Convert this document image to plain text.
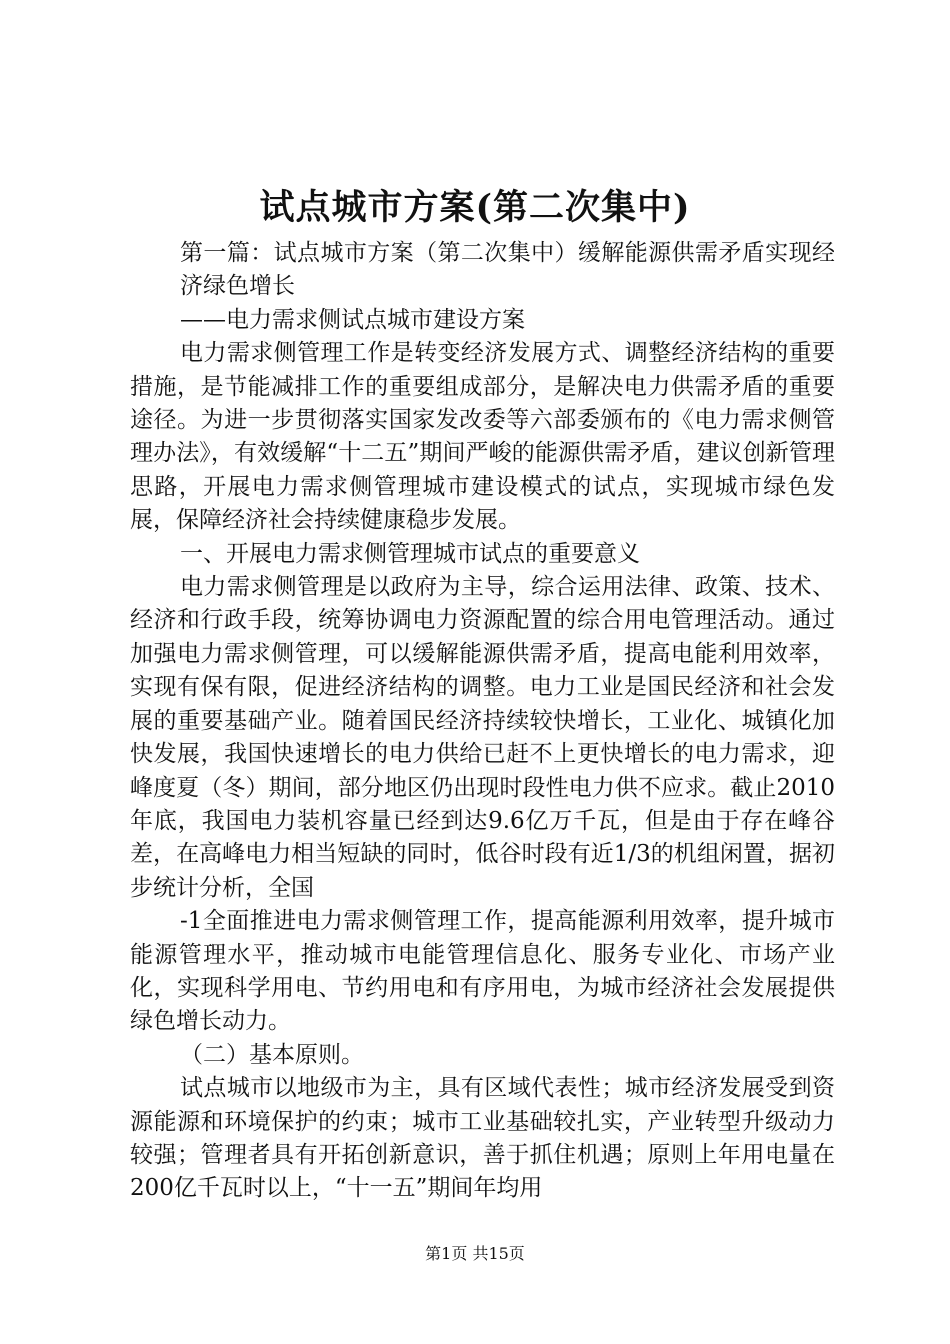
试点城市方案(第二次集中)

第一篇：试点城市方案（第二次集中）缓解能源供需矛盾实现经济绿色增长

——电力需求侧试点城市建设方案

电力需求侧管理工作是转变经济发展方式、调整经济结构的重要措施，是节能减排工作的重要组成部分，是解决电力供需矛盾的重要途径。为进一步贯彻落实国家发改委等六部委颁布的《电力需求侧管理办法》，有效缓解“十二五”期间严峻的能源供需矛盾，建议创新管理思路，开展电力需求侧管理城市建设模式的试点，实现城市绿色发展，保障经济社会持续健康稳步发展。

一、开展电力需求侧管理城市试点的重要意义

电力需求侧管理是以政府为主导，综合运用法律、政策、技术、经济和行政手段，统筹协调电力资源配置的综合用电管理活动。通过加强电力需求侧管理，可以缓解能源供需矛盾，提高电能利用效率，实现有保有限，促进经济结构的调整。电力工业是国民经济和社会发展的重要基础产业。随着国民经济持续较快增长，工业化、城镇化加快发展，我国快速增长的电力供给已赶不上更快增长的电力需求，迎峰度夏（冬）期间，部分地区仍出现时段性电力供不应求。截止2010年底，我国电力装机容量已经到达9.6亿万千瓦，但是由于存在峰谷差，在高峰电力相当短缺的同时，低谷时段有近1/3的机组闲置，据初步统计分析，全国

-1全面推进电力需求侧管理工作，提高能源利用效率，提升城市能源管理水平，推动城市电能管理信息化、服务专业化、市场产业化，实现科学用电、节约用电和有序用电，为城市经济社会发展提供绿色增长动力。

（二）基本原则。

试点城市以地级市为主，具有区域代表性；城市经济发展受到资源能源和环境保护的约束；城市工业基础较扎实，产业转型升级动力较强；管理者具有开拓创新意识，善于抓住机遇；原则上年用电量在200亿千瓦时以上，“十一五”期间年均用

第1页 共15页
